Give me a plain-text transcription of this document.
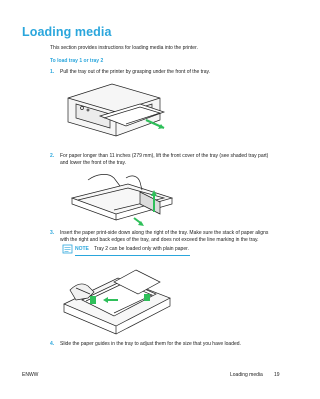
Loading media
This section provides instructions for loading media into the printer.
To load tray 1 or tray 2
1. Pull the tray out of the printer by grasping under the front of the tray.
2. For paper longer than 11 inches (279 mm), lift the front cover of the tray (see shaded tray part)
and lower the front of the tray.
3. Insert the paper print-side down along the right of the tray. Make sure the stack of paper aligns
with the right and back edges of the tray, and does not exceed the line marking in the tray.
NOTE Tray 2 can be loaded only with plain paper.
4. Slide the paper guides in the tray to adjust them for the size that you have loaded.
ENWW	Loading media 19
